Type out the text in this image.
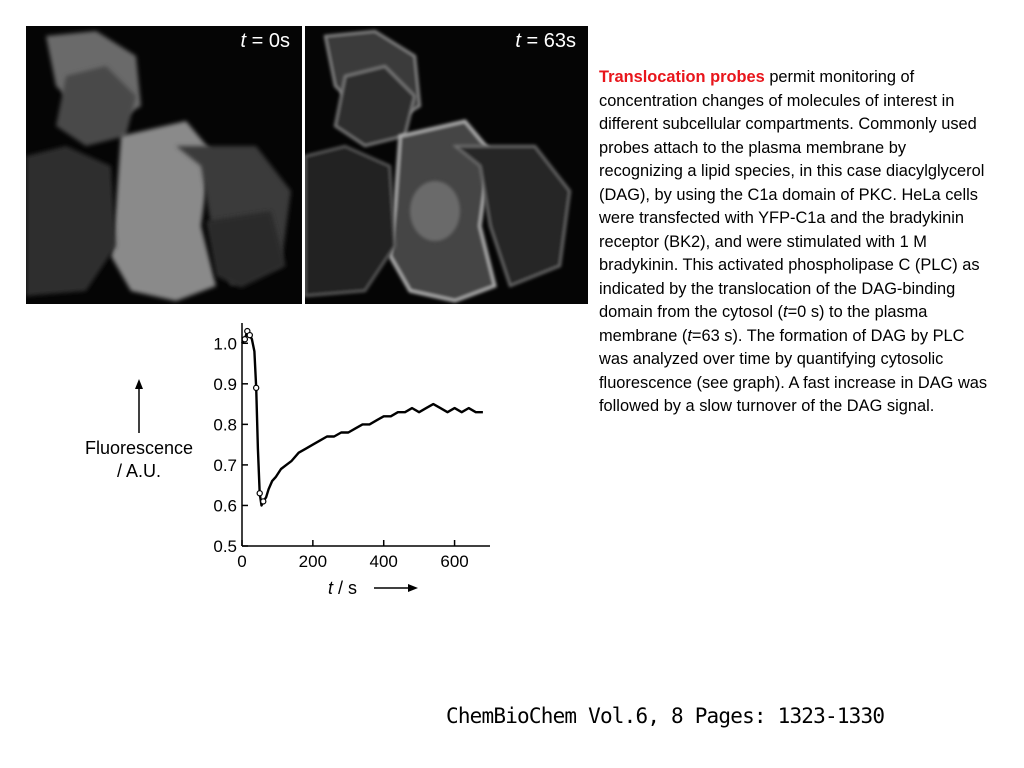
t = 0s	t = 63s
0.5
0.6
0.7
0.8
0.9
1.0
0	200 400 600
Fluorescence
/ A.U.
t / s
Translocation probes permit monitoring of concentration changes of molecules of interest in different subcellular compartments. Commonly used probes attach to the plasma membrane by recognizing a lipid species, in this case diacylglycerol (DAG), by using the C1a domain of PKC. HeLa cells were transfected with YFP-C1a and the bradykinin receptor (BK2), and were stimulated with 1 M bradykinin. This activated phospholipase C (PLC) as indicated by the translocation of the DAG-binding domain from the cytosol (t=0 s) to the plasma membrane (t=63 s). The formation of DAG by PLC was analyzed over time by quantifying cytosolic fluorescence (see graph). A fast increase in DAG was followed by a slow turnover of the DAG signal.
ChemBioChem Vol.6, 8 Pages: 1323-1330
